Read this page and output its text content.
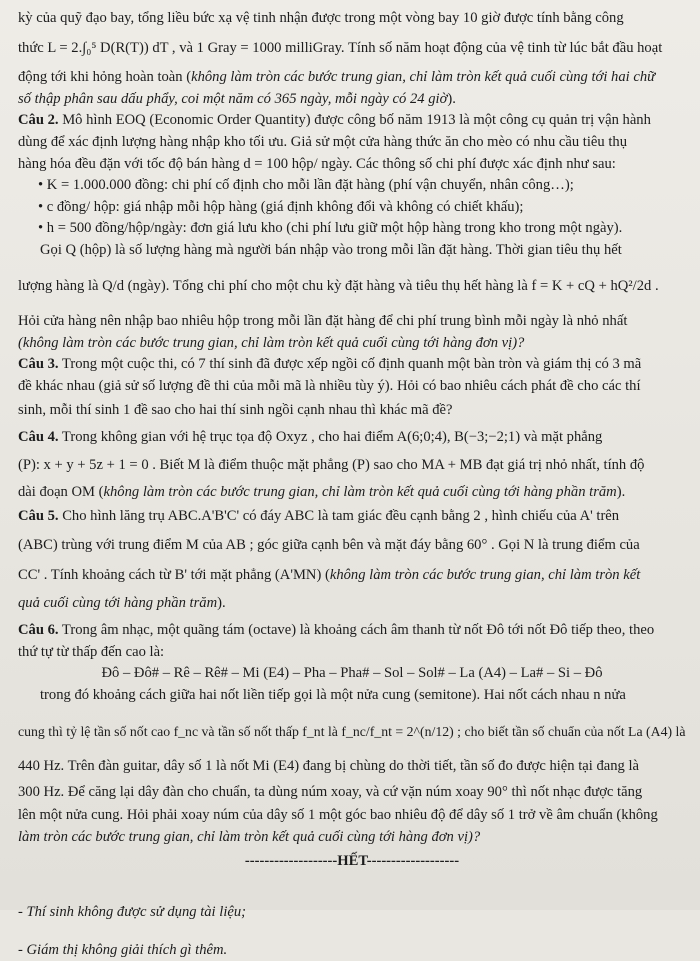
kỳ của quỹ đạo bay, tổng liều bức xạ vệ tinh nhận được trong một vòng bay 10 giờ được tính bằng công

thức L = 2.∫₀⁵ D(R(T)) dT , và 1 Gray = 1000 milliGray. Tính số năm hoạt động của vệ tinh từ lúc bắt đầu hoạt

động tới khi hỏng hoàn toàn (không làm tròn các bước trung gian, chỉ làm tròn kết quả cuối cùng tới hai chữ

số thập phân sau dấu phẩy, coi một năm có 365 ngày, mỗi ngày có 24 giờ).

Câu 2. Mô hình EOQ (Economic Order Quantity) được công bố năm 1913 là một công cụ quản trị vận hành

dùng để xác định lượng hàng nhập kho tối ưu. Giả sử một cửa hàng thức ăn cho mèo có nhu cầu tiêu thụ

hàng hóa đều đặn với tốc độ bán hàng d = 100 hộp/ ngày. Các thông số chi phí được xác định như sau:

• K = 1.000.000 đồng: chi phí cố định cho mỗi lần đặt hàng (phí vận chuyển, nhân công…);

• c đồng/ hộp: giá nhập mỗi hộp hàng (giá định không đổi và không có chiết khấu);

• h = 500 đồng/hộp/ngày: đơn giá lưu kho (chi phí lưu giữ một hộp hàng trong kho trong một ngày).

Gọi Q (hộp) là số lượng hàng mà người bán nhập vào trong mỗi lần đặt hàng. Thời gian tiêu thụ hết

lượng hàng là Q/d (ngày). Tổng chi phí cho một chu kỳ đặt hàng và tiêu thụ hết hàng là f = K + cQ + hQ²/2d .

Hỏi cửa hàng nên nhập bao nhiêu hộp trong mỗi lần đặt hàng để chi phí trung bình mỗi ngày là nhỏ nhất

(không làm tròn các bước trung gian, chỉ làm tròn kết quả cuối cùng tới hàng đơn vị)?

Câu 3. Trong một cuộc thi, có 7 thí sinh đã được xếp ngồi cố định quanh một bàn tròn và giám thị có 3 mã

đề khác nhau (giả sử số lượng đề thi của mỗi mã là nhiều tùy ý). Hỏi có bao nhiêu cách phát đề cho các thí

sinh, mỗi thí sinh 1 đề sao cho hai thí sinh ngồi cạnh nhau thì khác mã đề?

Câu 4. Trong không gian với hệ trục tọa độ Oxyz , cho hai điểm A(6;0;4), B(−3;−2;1) và mặt phẳng

(P): x + y + 5z + 1 = 0 . Biết M là điểm thuộc mặt phẳng (P) sao cho MA + MB đạt giá trị nhỏ nhất, tính độ

dài đoạn OM (không làm tròn các bước trung gian, chỉ làm tròn kết quả cuối cùng tới hàng phần trăm).

Câu 5. Cho hình lăng trụ ABC.A'B'C' có đáy ABC là tam giác đều cạnh bằng 2 , hình chiếu của A' trên

(ABC) trùng với trung điểm M của AB ; góc giữa cạnh bên và mặt đáy bằng 60° . Gọi N là trung điểm của

CC' . Tính khoảng cách từ B' tới mặt phẳng (A'MN) (không làm tròn các bước trung gian, chỉ làm tròn kết

quả cuối cùng tới hàng phần trăm).

Câu 6. Trong âm nhạc, một quãng tám (octave) là khoảng cách âm thanh từ nốt Đô tới nốt Đô tiếp theo, theo

thứ tự từ thấp đến cao là:

Đô – Đô# – Rê – Rê# – Mi (E4) – Pha – Pha# – Sol – Sol# – La (A4) – La# – Si – Đô

trong đó khoảng cách giữa hai nốt liền tiếp gọi là một nửa cung (semitone). Hai nốt cách nhau n nửa

cung thì tỷ lệ tần số nốt cao f_nc và tần số nốt thấp f_nt là f_nc/f_nt = 2^(n/12) ; cho biết tần số chuẩn của nốt La (A4) là

440 Hz. Trên đàn guitar, dây số 1 là nốt Mi (E4) đang bị chùng do thời tiết, tần số đo được hiện tại đang là

300 Hz. Để căng lại dây đàn cho chuẩn, ta dùng núm xoay, và cứ vặn núm xoay 90° thì nốt nhạc được tăng

lên một nửa cung. Hỏi phải xoay núm của dây số 1 một góc bao nhiêu độ để dây số 1 trở về âm chuẩn (không

làm tròn các bước trung gian, chỉ làm tròn kết quả cuối cùng tới hàng đơn vị)?

-------------------HẾT-------------------

- Thí sinh không được sử dụng tài liệu;

- Giám thị không giải thích gì thêm.
